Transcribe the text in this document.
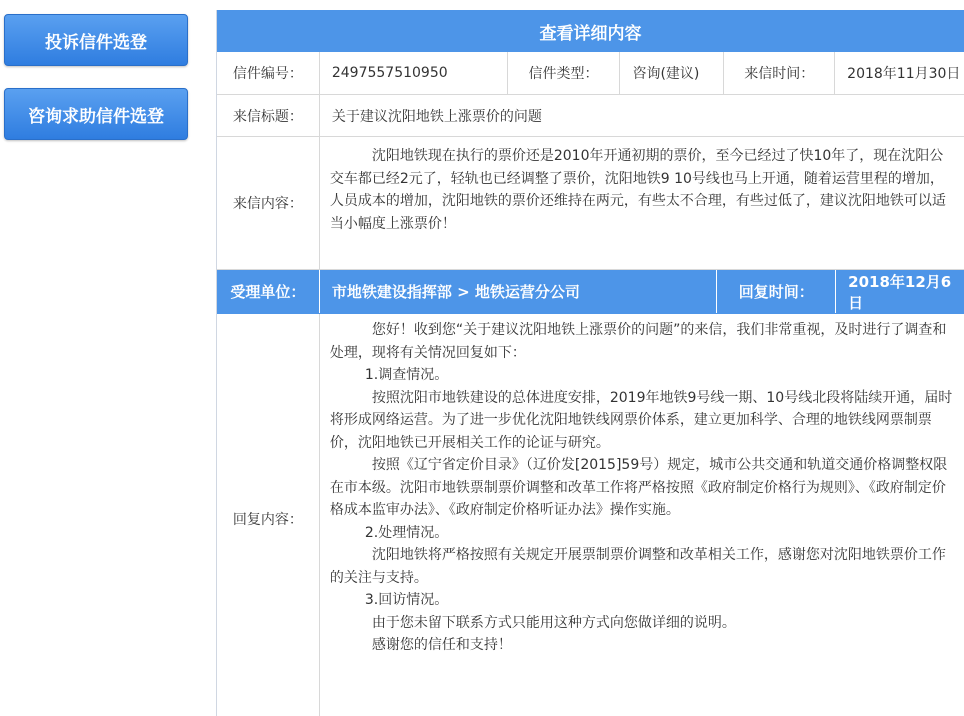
投诉信件选登
咨询求助信件选登
查看详细内容
信件编号：	2497557510950	信件类型：	咨询(建议)	来信时间：	2018年11月30日
来信标题：	关于建议沈阳地铁上涨票价的问题
来信内容：

沈阳地铁现在执行的票价还是2010年开通初期的票价，至今已经过了快10年了，现在沈阳公交车都已经2元了，轻轨也已经调整了票价，沈阳地铁9 10号线也马上开通，随着运营里程的增加，人员成本的增加，沈阳地铁的票价还维持在两元，有些太不合理，有些过低了，建议沈阳地铁可以适当小幅度上涨票价！

受理单位：	市地铁建设指挥部 > 地铁运营分公司	回复时间：
2018年12月6日
回复内容：

您好！收到您“关于建议沈阳地铁上涨票价的问题”的来信，我们非常重视，及时进行了调查和处理，现将有关情况回复如下：

1.调查情况。

按照沈阳市地铁建设的总体进度安排，2019年地铁9号线一期、10号线北段将陆续开通，届时将形成网络运营。为了进一步优化沈阳地铁线网票价体系，建立更加科学、合理的地铁线网票制票价，沈阳地铁已开展相关工作的论证与研究。

按照《辽宁省定价目录》（辽价发[2015]59号）规定，城市公共交通和轨道交通价格调整权限在市本级。沈阳市地铁票制票价调整和改革工作将严格按照《政府制定价格行为规则》、《政府制定价格成本监审办法》、《政府制定价格听证办法》操作实施。

2.处理情况。

沈阳地铁将严格按照有关规定开展票制票价调整和改革相关工作，感谢您对沈阳地铁票价工作的关注与支持。

3.回访情况。

由于您未留下联系方式只能用这种方式向您做详细的说明。

感谢您的信任和支持！
